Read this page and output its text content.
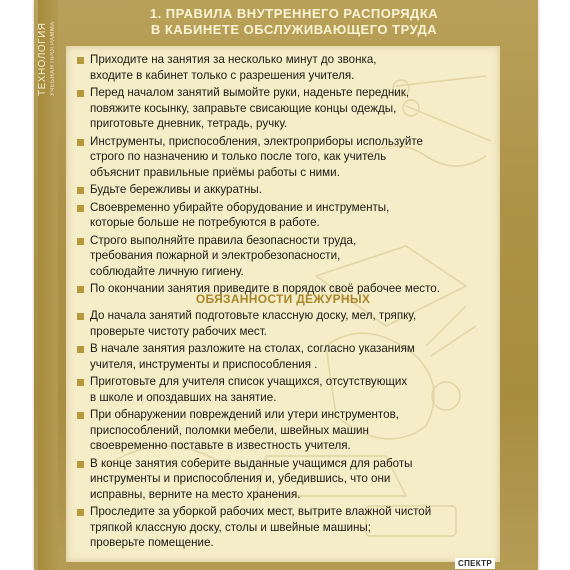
ТЕХНОЛОГИЯ УЧЕБНАЯ ПРОГРАММА
1. ПРАВИЛА ВНУТРЕННЕГО РАСПОРЯДКА
В КАБИНЕТЕ ОБСЛУЖИВАЮЩЕГО ТРУДА
Приходите на занятия за несколько минут до звонка,
входите в кабинет только с разрешения учителя.
Перед началом занятий вымойте руки, наденьте передник,
повяжите косынку, заправьте свисающие концы одежды,
приготовьте дневник, тетрадь, ручку.
Инструменты, приспособления, электроприборы используйте
строго по назначению и только после того, как учитель
объяснит правильные приёмы работы с ними.
Будьте бережливы и аккуратны.
Своевременно убирайте оборудование и инструменты,
которые больше не потребуются в работе.
Строго выполняйте правила безопасности труда,
требования пожарной и электробезопасности,
соблюдайте личную гигиену.
По окончании занятия приведите в порядок своё рабочее место.
ОБЯЗАННОСТИ ДЕЖУРНЫХ
До начала занятий подготовьте классную доску, мел, тряпку,
проверьте чистоту рабочих мест.
В начале занятия разложите на столах, согласно указаниям
учителя, инструменты и приспособления .
Приготовьте для учителя список учащихся, отсутствующих
в школе и опоздавших на занятие.
При обнаружении повреждений или утери инструментов,
приспособлений, поломки мебели, швейных машин
своевременно поставьте в известность учителя.
В конце занятия соберите выданные учащимся для работы
инструменты и приспособления и, убедившись, что они
исправны, верните на место хранения.
Проследите за уборкой рабочих мест, вытрите влажной чистой
тряпкой классную доску, столы и швейные машины;
проверьте помещение.
СПЕКТР
